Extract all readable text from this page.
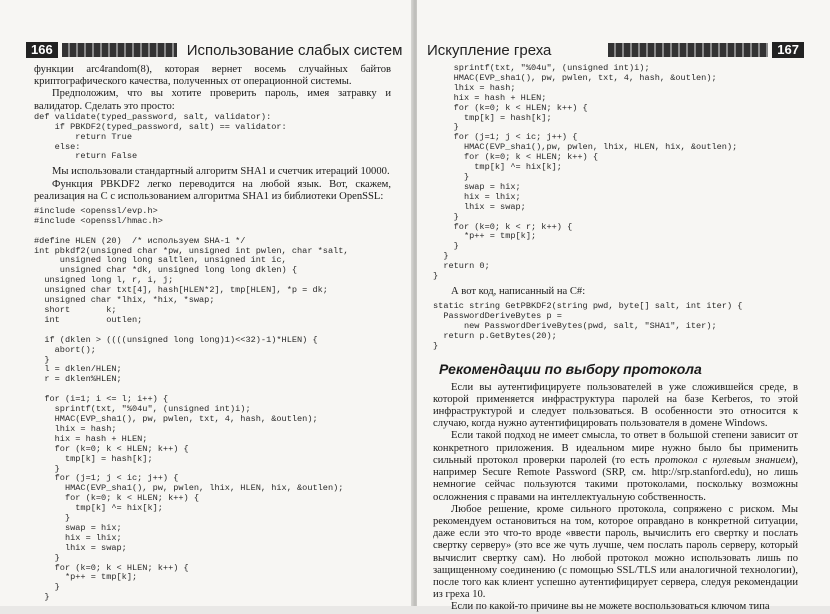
166	Использование слабых систем

функции arc4random(8), которая вернет восемь случайных байтов криптографического качества, полученных от операционной системы.

Предположим, что вы хотите проверить пароль, имея затравку и валидатор. Сделать это просто:

def validate(typed_password, salt, validator):
if PBKDF2(typed_password, salt) == validator:
return True
else:
return False

Мы использовали стандартный алгоритм SHA1 и счетчик итераций 10000.

Функция PBKDF2 легко переводится на любой язык. Вот, скажем, реализация на C с использованием алгоритма SHA1 из библиотеки OpenSSL:

#include <openssl/evp.h>
#include <openssl/hmac.h>

#define HLEN (20)  /* используем SHA-1 */
int pbkdf2(unsigned char *pw, unsigned int pwlen, char *salt,
unsigned long long saltlen, unsigned int ic,
unsigned char *dk, unsigned long long dklen) {
unsigned long l, r, i, j;
unsigned char txt[4], hash[HLEN*2], tmp[HLEN], *p = dk;
unsigned char *lhix, *hix, *swap;
short       k;
int         outlen;

if (dklen > ((((unsigned long long)1)<<32)-1)*HLEN) {
abort();
}
l = dklen/HLEN;
r = dklen%HLEN;

for (i=1; i <= l; i++) {
sprintf(txt, "%04u", (unsigned int)i);
HMAC(EVP_sha1(), pw, pwlen, txt, 4, hash, &outlen);
lhix = hash;
hix = hash + HLEN;
for (k=0; k < HLEN; k++) {
tmp[k] = hash[k];
}
for (j=1; j < ic; j++) {
HMAC(EVP_sha1(), pw, pwlen, lhix, HLEN, hix, &outlen);
for (k=0; k < HLEN; k++) {
tmp[k] ^= hix[k];
}
swap = hix;
hix = lhix;
lhix = swap;
}
for (k=0; k < HLEN; k++) {
*p++ = tmp[k];
}
}
Искупление греха	167
sprintf(txt, "%04u", (unsigned int)i);
HMAC(EVP_sha1(), pw, pwlen, txt, 4, hash, &outlen);
lhix = hash;
hix = hash + HLEN;
for (k=0; k < HLEN; k++) {
tmp[k] = hash[k];
}
for (j=1; j < ic; j++) {
HMAC(EVP_sha1(),pw, pwlen, lhix, HLEN, hix, &outlen);
for (k=0; k < HLEN; k++) {
tmp[k] ^= hix[k];
}
swap = hix;
hix = lhix;
lhix = swap;
}
for (k=0; k < r; k++) {
*p++ = tmp[k];
}
}
return 0;
}

А вот код, написанный на C#:

static string GetPBKDF2(string pwd, byte[] salt, int iter) {
PasswordDeriveBytes p =
new PasswordDeriveBytes(pwd, salt, "SHA1", iter);
return p.GetBytes(20);
}
Рекомендации по выбору протокола

Если вы аутентифицируете пользователей в уже сложившейся среде, в которой применяется инфраструктура паролей на базе Kerberos, то этой инфраструктурой и следует пользоваться. В особенности это относится к случаю, когда нужно аутентифицировать пользователя в домене Windows.

Если такой подход не имеет смысла, то ответ в большой степени зависит от конкретного приложения. В идеальном мире нужно было бы применить сильный протокол проверки паролей (то есть протокол с нулевым знанием), например Secure Remote Password (SRP, см. http://srp.stanford.edu), но лишь немногие сейчас пользуются такими протоколами, поскольку возможны осложнения с правами на интеллектуальную собственность.

Любое решение, кроме сильного протокола, сопряжено с риском. Мы рекомендуем остановиться на том, которое оправдано в конкретной ситуации, даже если это что-то вроде «ввести пароль, вычислить его свертку и послать свертку серверу» (это все же чуть лучше, чем послать пароль серверу, который вычислит свертку сам). Но любой протокол можно использовать лишь по защищенному соединению (с помощью SSL/TLS или аналогичной технологии), после того как клиент успешно аутентифицирует сервера, следуя рекомендации из греха 10.

Если по какой-то причине вы не можете воспользоваться ключом типа
